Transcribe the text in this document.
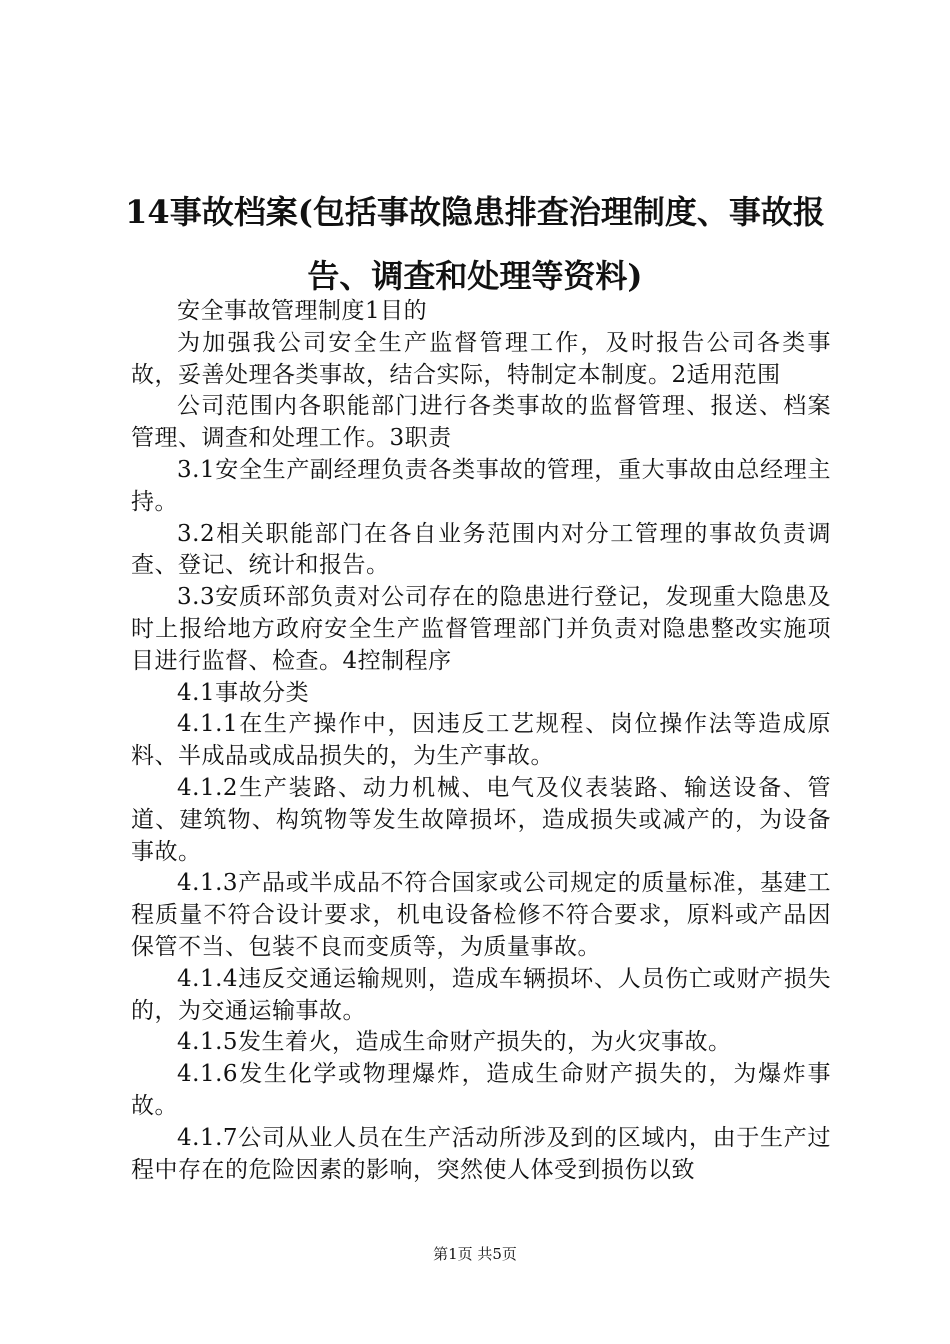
14事故档案(包括事故隐患排查治理制度、事故报告、调查和处理等资料)

安全事故管理制度1目的

为加强我公司安全生产监督管理工作，及时报告公司各类事故，妥善处理各类事故，结合实际，特制定本制度。2适用范围

公司范围内各职能部门进行各类事故的监督管理、报送、档案管理、调查和处理工作。3职责

3.1安全生产副经理负责各类事故的管理，重大事故由总经理主持。

3.2相关职能部门在各自业务范围内对分工管理的事故负责调查、登记、统计和报告。

3.3安质环部负责对公司存在的隐患进行登记，发现重大隐患及时上报给地方政府安全生产监督管理部门并负责对隐患整改实施项目进行监督、检查。4控制程序

4.1事故分类

4.1.1在生产操作中，因违反工艺规程、岗位操作法等造成原料、半成品或成品损失的，为生产事故。

4.1.2生产装路、动力机械、电气及仪表装路、输送设备、管道、建筑物、构筑物等发生故障损坏，造成损失或减产的，为设备事故。

4.1.3产品或半成品不符合国家或公司规定的质量标准，基建工程质量不符合设计要求，机电设备检修不符合要求，原料或产品因保管不当、包装不良而变质等，为质量事故。

4.1.4违反交通运输规则，造成车辆损坏、人员伤亡或财产损失的，为交通运输事故。

4.1.5发生着火，造成生命财产损失的，为火灾事故。

4.1.6发生化学或物理爆炸，造成生命财产损失的，为爆炸事故。

4.1.7公司从业人员在生产活动所涉及到的区域内，由于生产过程中存在的危险因素的影响，突然使人体受到损伤以致

第1页 共5页
